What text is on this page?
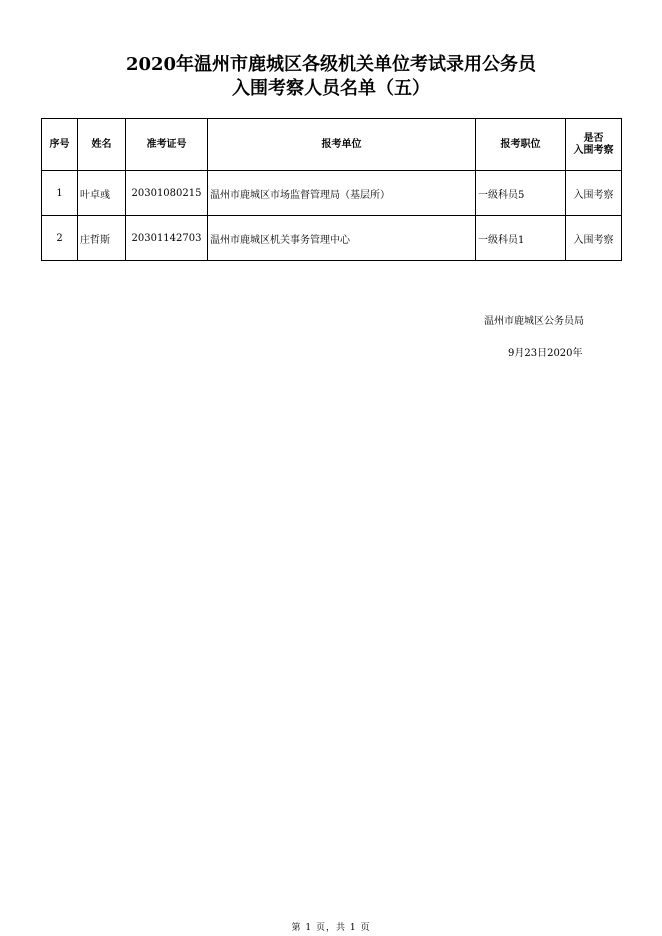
2020年温州市鹿城区各级机关单位考试录用公务员
入围考察人员名单（五）
序号	姓名	准考证号	报考单位	报考职位	是否
入围考察

1	叶卓彧	20301080215	温州市鹿城区市场监督管理局（基层所）	一级科员5	入围考察
2	庄哲斯	20301142703	温州市鹿城区机关事务管理中心	一级科员1	入围考察
温州市鹿城区公务员局
9月23日2020年
第 1 页，共 1 页
